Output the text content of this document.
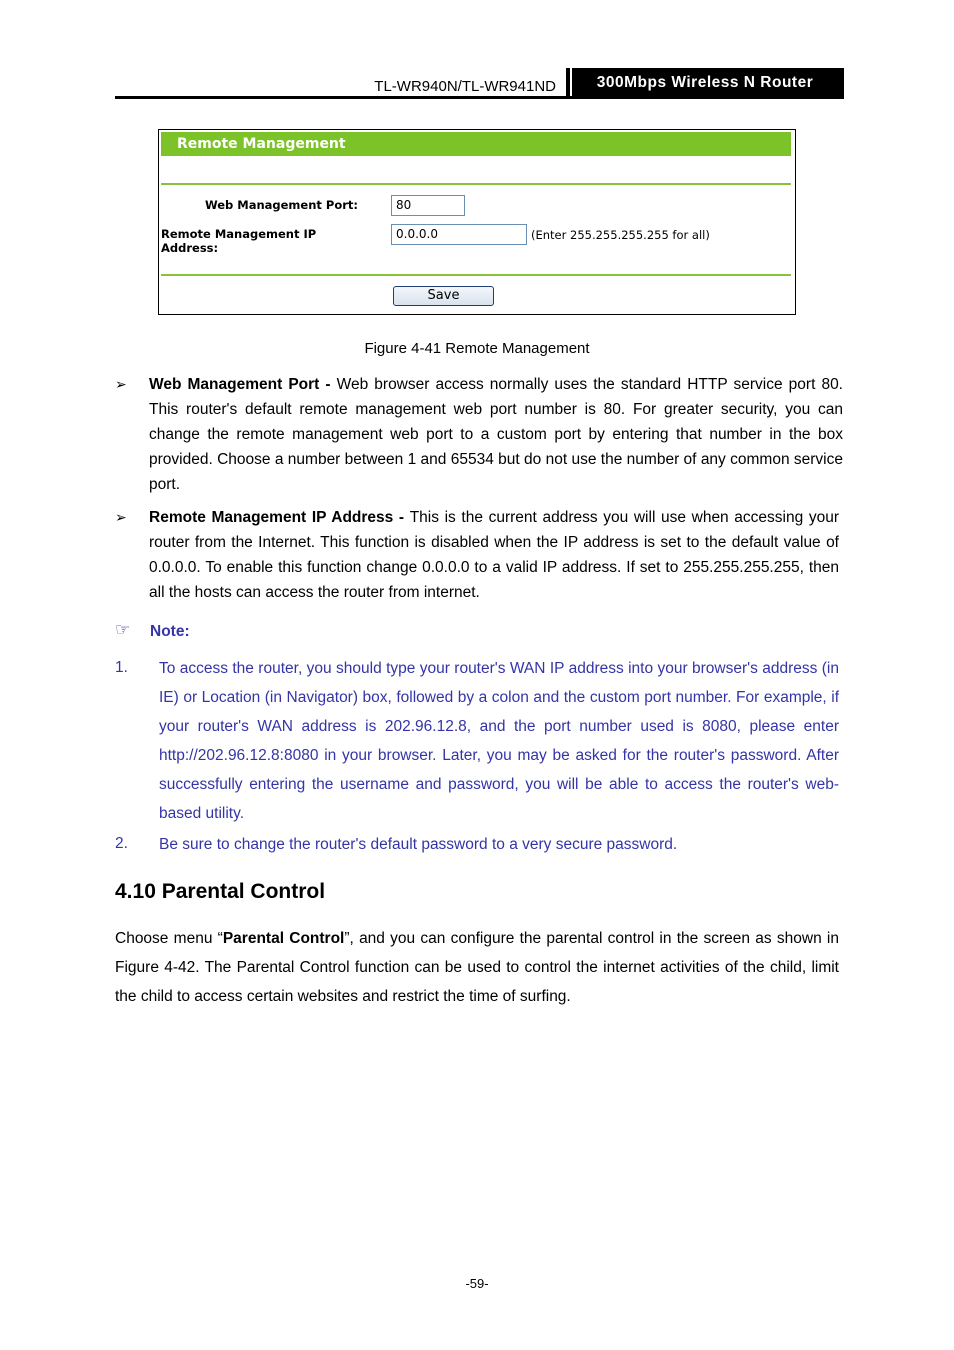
TL-WR940N/TL-WR941ND	300Mbps Wireless N Router
Remote Management
Web Management Port:	80
Remote Management IP Address:
0.0.0.0	(Enter 255.255.255.255 for all)
Save
Figure 4-41 Remote Management
➢ Web Management Port - Web browser access normally uses the standard HTTP service port 80. This router's default remote management web port number is 80. For greater security, you can change the remote management web port to a custom port by entering that number in the box provided. Choose a number between 1 and 65534 but do not use the number of any common service port.
➢ Remote Management IP Address - This is the current address you will use when accessing your router from the Internet. This function is disabled when the IP address is set to the default value of 0.0.0.0. To enable this function change 0.0.0.0 to a valid IP address. If set to 255.255.255.255, then all the hosts can access the router from internet.
☞ Note:
1. To access the router, you should type your router's WAN IP address into your browser's address (in IE) or Location (in Navigator) box, followed by a colon and the custom port number. For example, if your router's WAN address is 202.96.12.8, and the port number used is 8080, please enter http://202.96.12.8:8080 in your browser. Later, you may be asked for the router's password. After successfully entering the username and password, you will be able to access the router's web-based utility.
2. Be sure to change the router's default password to a very secure password.
4.10 Parental Control
Choose menu “Parental Control”, and you can configure the parental control in the screen as shown in Figure 4-42. The Parental Control function can be used to control the internet activities of the child, limit the child to access certain websites and restrict the time of surfing.
-59-
